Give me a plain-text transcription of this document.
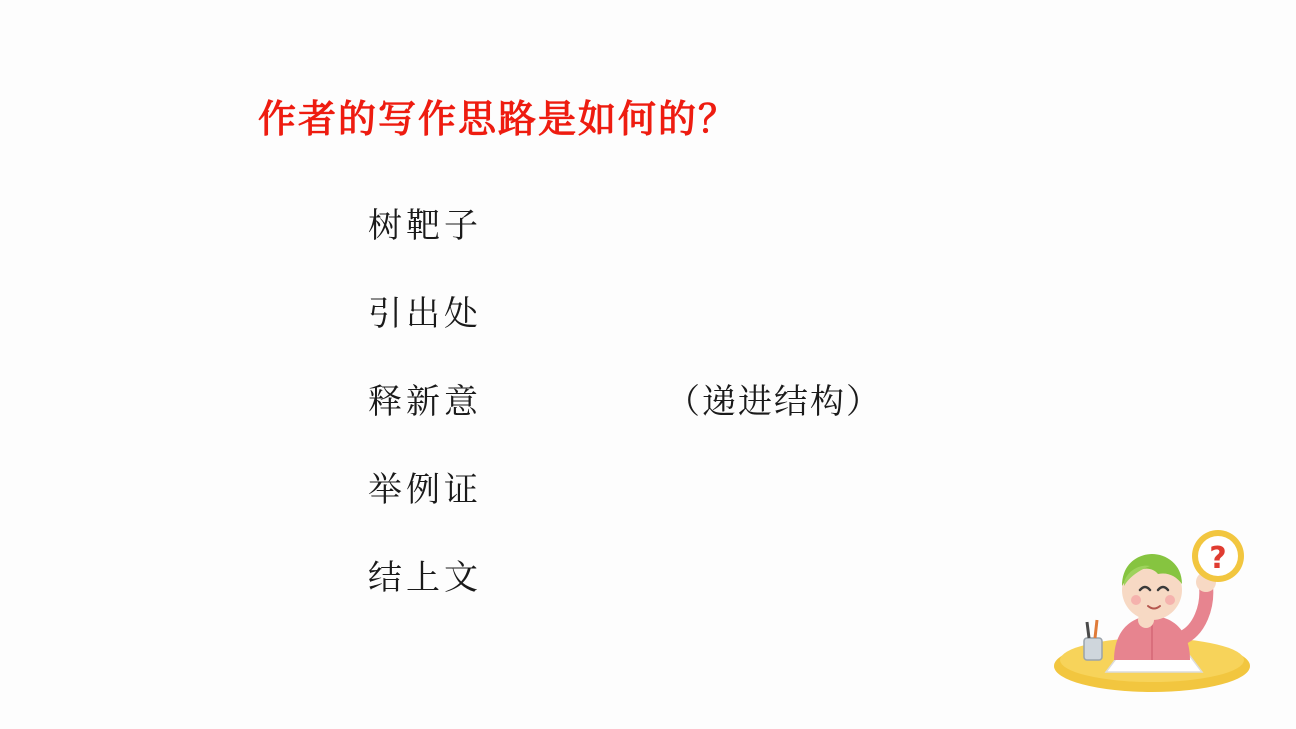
作者的写作思路是如何的？
树靶子
引出处
释新意
举例证
结上文
（递进结构）
?
